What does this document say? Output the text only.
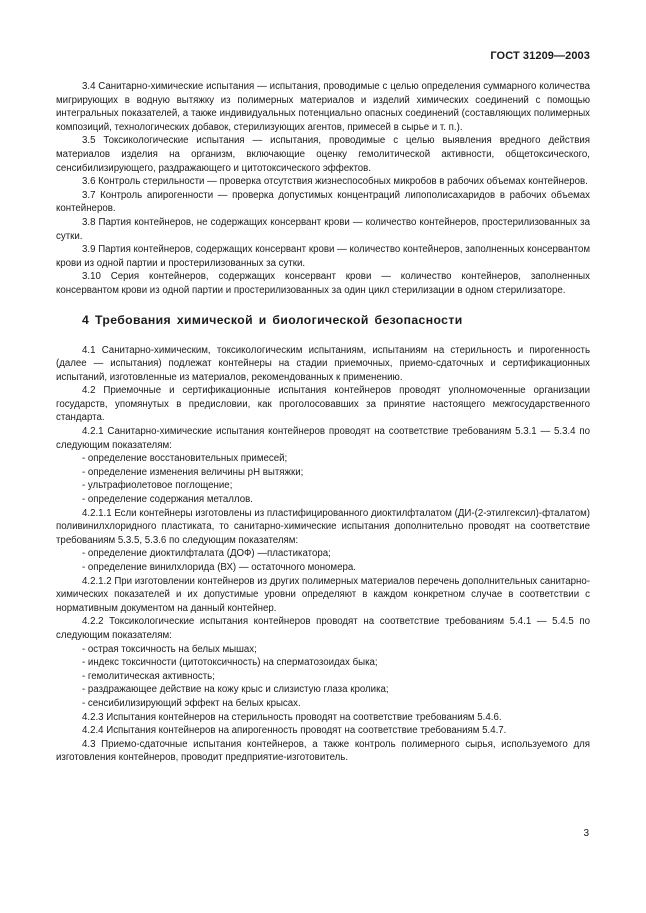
ГОСТ 31209—2003

3.4 Санитарно-химические испытания — испытания, проводимые с целью определения суммарного количества мигрирующих в водную вытяжку из полимерных материалов и изделий химических соединений с помощью интегральных показателей, а также индивидуальных потенциально опасных соединений (составляющих полимерных композиций, технологических добавок, стерилизующих агентов, примесей в сырье и т. п.).

3.5 Токсикологические испытания — испытания, проводимые с целью выявления вредного действия материалов изделия на организм, включающие оценку гемолитической активности, общетоксического, сенсибилизирующего, раздражающего и цитотоксического эффектов.

3.6 Контроль стерильности — проверка отсутствия жизнеспособных микробов в рабочих объемах контейнеров.

3.7 Контроль апирогенности — проверка допустимых концентраций липополисахаридов в рабочих объемах контейнеров.

3.8 Партия контейнеров, не содержащих консервант крови — количество контейнеров, простерилизованных за сутки.

3.9 Партия контейнеров, содержащих консервант крови — количество контейнеров, заполненных консервантом крови из одной партии и простерилизованных за сутки.

3.10 Серия контейнеров, содержащих консервант крови — количество контейнеров, заполненных консервантом крови из одной партии и простерилизованных за один цикл стерилизации в одном стерилизаторе.

4 Требования химической и биологической безопасности

4.1 Санитарно-химическим, токсикологическим испытаниям, испытаниям на стерильность и пирогенность (далее — испытания) подлежат контейнеры на стадии приемочных, приемо-сдаточных и сертификационных испытаний, изготовленные из материалов, рекомендованных к применению.

4.2 Приемочные и сертификационные испытания контейнеров проводят уполномоченные организации государств, упомянутых в предисловии, как проголосовавших за принятие настоящего межгосударственного стандарта.

4.2.1 Санитарно-химические испытания контейнеров проводят на соответствие требованиям 5.3.1 — 5.3.4 по следующим показателям:

- определение восстановительных примесей;

- определение изменения величины pH вытяжки;

- ультрафиолетовое поглощение;

- определение содержания металлов.

4.2.1.1 Если контейнеры изготовлены из пластифицированного диоктилфталатом (ДИ-(2-этилгексил)-фталатом) поливинилхлоридного пластиката, то санитарно-химические испытания дополнительно проводят на соответствие требованиям 5.3.5, 5.3.6 по следующим показателям:

- определение диоктилфталата (ДОФ) —пластикатора;

- определение винилхлорида (ВХ) — остаточного мономера.

4.2.1.2 При изготовлении контейнеров из других полимерных материалов перечень дополнительных санитарно-химических показателей и их допустимые уровни определяют в каждом конкретном случае в соответствии с нормативным документом на данный контейнер.

4.2.2 Токсикологические испытания контейнеров проводят на соответствие требованиям 5.4.1 — 5.4.5 по следующим показателям:

- острая токсичность на белых мышах;

- индекс токсичности (цитотоксичность) на сперматозоидах быка;

- гемолитическая активность;

- раздражающее действие на кожу крыс и слизистую глаза кролика;

- сенсибилизирующий эффект на белых крысах.

4.2.3 Испытания контейнеров на стерильность проводят на соответствие требованиям 5.4.6.

4.2.4 Испытания контейнеров на апирогенность проводят на соответствие требованиям 5.4.7.

4.3 Приемо-сдаточные испытания контейнеров, а также контроль полимерного сырья, используемого для изготовления контейнеров, проводит предприятие-изготовитель.

3
